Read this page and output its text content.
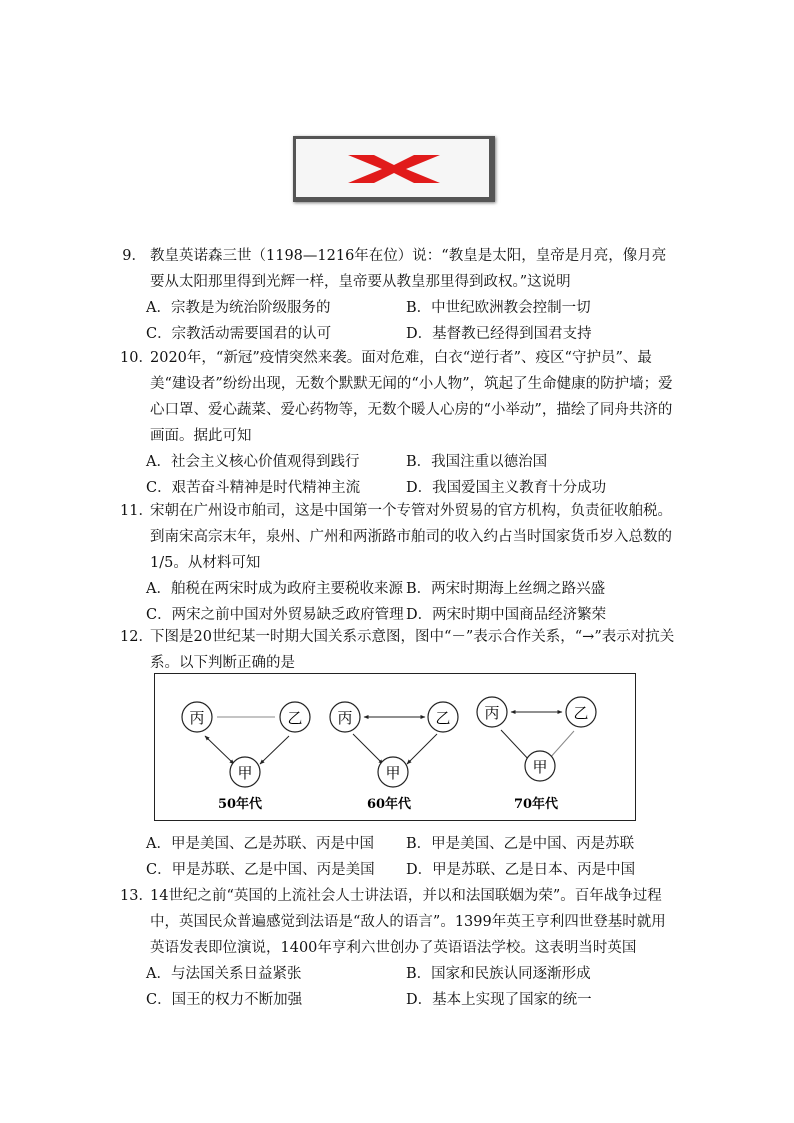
9． 教皇英诺森三世（1198—1216年在位）说：“教皇是太阳，皇帝是月亮，像月亮要从太阳那里得到光辉一样，皇帝要从教皇那里得到政权。”这说明
A．宗教是为统治阶级服务的	B．中世纪欧洲教会控制一切
C．宗教活动需要国君的认可	D．基督教已经得到国君支持
10．
2020年，“新冠”疫情突然来袭。面对危难，白衣“逆行者”、疫区“守护员”、最美“建设者”纷纷出现，无数个默默无闻的“小人物”，筑起了生命健康的防护墙；爱心口罩、爱心蔬菜、爱心药物等，无数个暖人心房的“小举动”，描绘了同舟共济的画面。据此可知
A．社会主义核心价值观得到践行	B．我国注重以德治国
C．艰苦奋斗精神是时代精神主流	D．我国爱国主义教育十分成功
11．
宋朝在广州设市舶司，这是中国第一个专管对外贸易的官方机构，负责征收舶税。到南宋高宗末年，泉州、广州和两浙路市舶司的收入约占当时国家货币岁入总数的1/5。从材料可知
A．舶税在两宋时成为政府主要税收来源 B．两宋时期海上丝绸之路兴盛
C．两宋之前中国对外贸易缺乏政府管理 D．两宋时期中国商品经济繁荣
12．
下图是20世纪某一时期大国关系示意图，图中“－”表示合作关系，“→”表示对抗关系。以下判断正确的是
丙	乙
甲
50年代
丙	乙
甲
60年代
丙	乙
甲
70年代
A．甲是美国、乙是苏联、丙是中国	B．甲是美国、乙是中国、丙是苏联
C．甲是苏联、乙是中国、丙是美国	D．甲是苏联、乙是日本、丙是中国
13．
14世纪之前“英国的上流社会人士讲法语，并以和法国联姻为荣”。百年战争过程中，英国民众普遍感觉到法语是“敌人的语言”。1399年英王亨利四世登基时就用英语发表即位演说，1400年亨利六世创办了英语语法学校。这表明当时英国
A．与法国关系日益紧张	B．国家和民族认同逐渐形成
C．国王的权力不断加强	D．基本上实现了国家的统一
